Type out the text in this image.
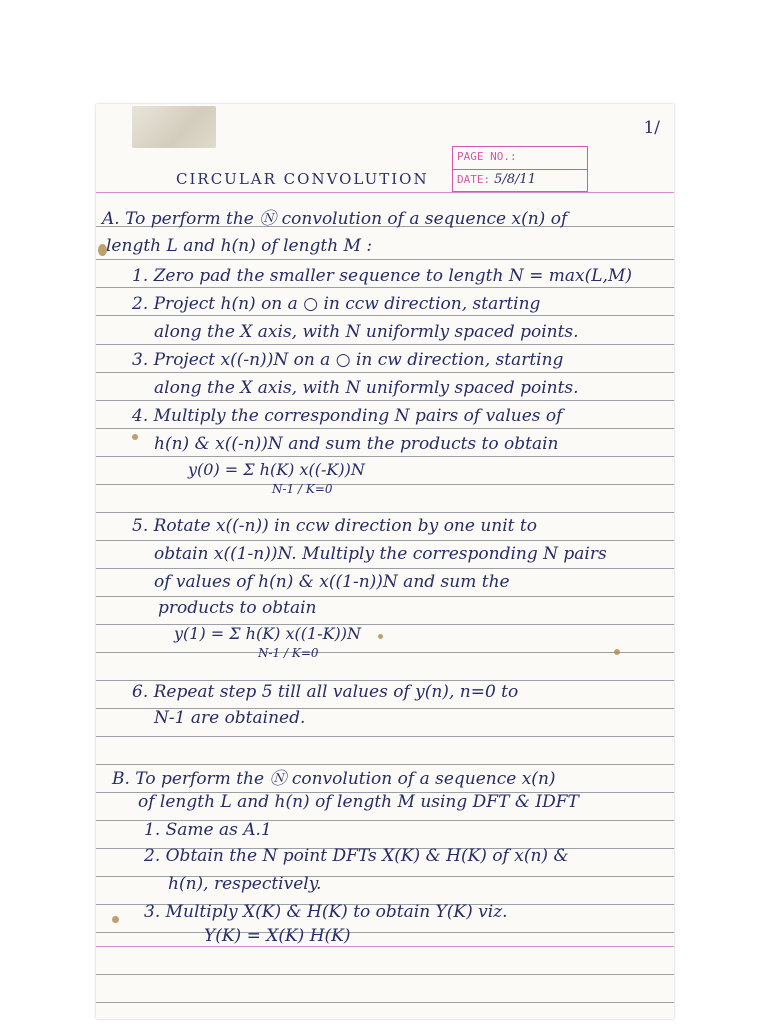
1/
PAGE NO.:
DATE: 5/8/11
CIRCULAR CONVOLUTION
A. To perform the Ⓝ convolution of a sequence x(n) of
length L and h(n) of length M :
1. Zero pad the smaller sequence to length N = max(L,M)
2. Project h(n) on a ○ in ccw direction, starting
along the X axis, with N uniformly spaced points.
3. Project x((-n))N on a ○ in cw direction, starting
along the X axis, with N uniformly spaced points.
4. Multiply the corresponding N pairs of values of
h(n) & x((-n))N and sum the products to obtain
y(0) = Σ h(K) x((-K))N
N-1 / K=0
5. Rotate x((-n)) in ccw direction by one unit to
obtain x((1-n))N. Multiply the corresponding N pairs
of values of h(n) & x((1-n))N and sum the
products to obtain
y(1) = Σ h(K) x((1-K))N
N-1 / K=0
6. Repeat step 5 till all values of y(n), n=0 to
N-1 are obtained.
B. To perform the Ⓝ convolution of a sequence x(n)
of length L and h(n) of length M using DFT & IDFT
1. Same as A.1
2. Obtain the N point DFTs X(K) & H(K) of x(n) &
h(n), respectively.
3. Multiply X(K) & H(K) to obtain Y(K) viz.
Y(K) = X(K) H(K)
